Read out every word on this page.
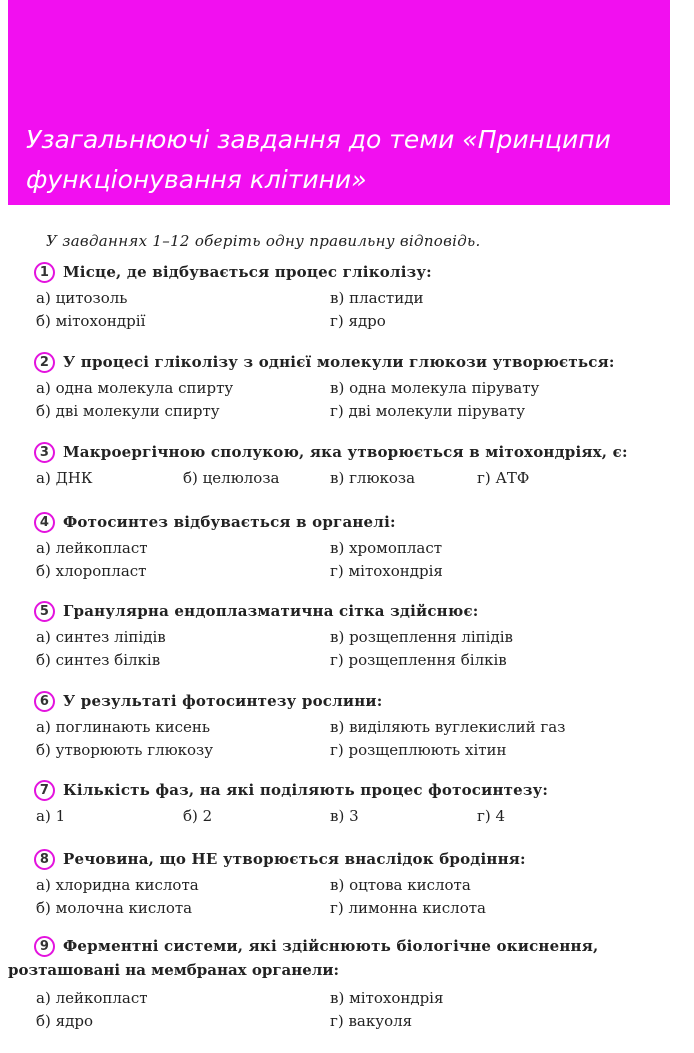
Узагальнюючі завдання до теми «Принципи
функціонування клітини»
У завданнях 1–12 оберіть одну правильну відповідь.
1 Місце, де відбувається процес гліколізу:
а) цитозоль	в) пластиди
б) мітохондрії	г) ядро
2 У процесі гліколізу з однієї молекули глюкози утворюється:
а) одна молекула спирту	в) одна молекула пірувату
б) дві молекули спирту	г) дві молекули пірувату
3 Макроергічною сполукою, яка утворюється в мітохондріях, є:
а) ДНК	б) целюлоза	в) глюкоза	г) АТФ
4 Фотосинтез відбувається в органелі:
а) лейкопласт	в) хромопласт
б) хлоропласт	г) мітохондрія
5 Гранулярна ендоплазматична сітка здійснює:
а) синтез ліпідів	в) розщеплення ліпідів
б) синтез білків	г) розщеплення білків
6 У результаті фотосинтезу рослини:
а) поглинають кисень	в) виділяють вуглекислий газ
б) утворюють глюкозу	г) розщеплюють хітин
7 Кількість фаз, на які поділяють процес фотосинтезу:
а) 1	б) 2	в) 3	г) 4
8 Речовина, що НЕ утворюється внаслідок бродіння:
а) хлоридна кислота	в) оцтова кислота
б) молочна кислота	г) лимонна кислота
9 Ферментні системи, які здійснюють біологічне окиснення,
розташовані на мембранах органели:
а) лейкопласт	в) мітохондрія
б) ядро	г) вакуоля
